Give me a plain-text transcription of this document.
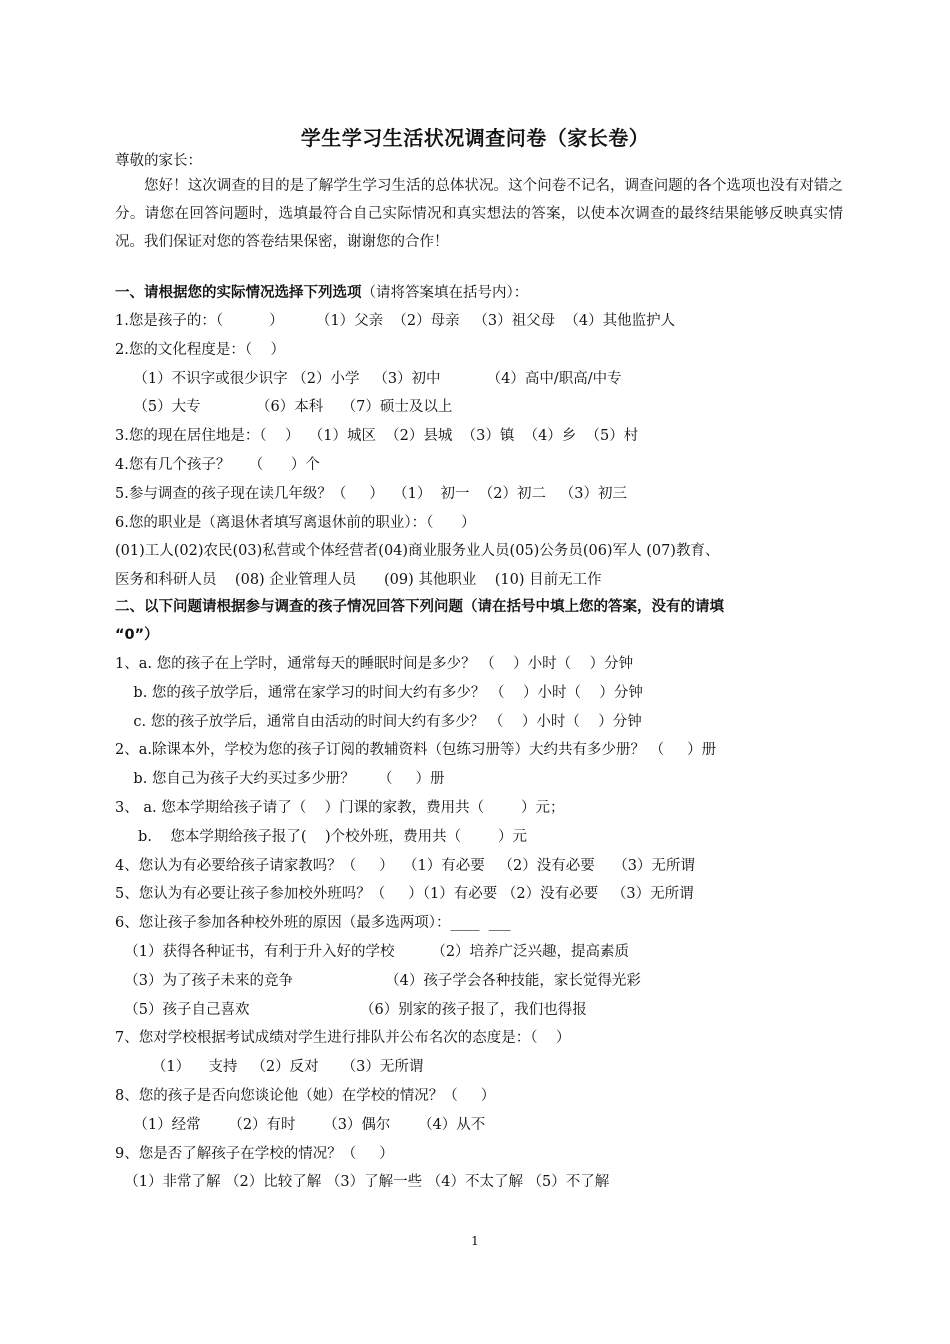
学生学习生活状况调查问卷（家长卷）
尊敬的家长：
您好！这次调查的目的是了解学生学习生活的总体状况。这个问卷不记名，调查问题的各个选项也没有对错之分。请您在回答问题时，选填最符合自己实际情况和真实想法的答案，以使本次调查的最终结果能够反映真实情况。我们保证对您的答卷结果保密，谢谢您的合作！
一、请根据您的实际情况选择下列选项（请将答案填在括号内）：
1.您是孩子的：（          ）       （1）父亲  （2）母亲   （3）祖父母  （4）其他监护人
2.您的文化程度是：（    ）
（1）不识字或很少识字 （2）小学   （3）初中          （4）高中/职高/中专
（5）大专            （6）本科    （7）硕士及以上
3.您的现在居住地是：（    ）  （1）城区  （2）县城  （3）镇  （4）乡  （5）村
4.您有几个孩子？    （      ）个
5.参与调查的孩子现在读几年级？（     ）  （1）  初一  （2）初二   （3）初三
6.您的职业是（离退休者填写离退休前的职业）：（      ）
(01)工人(02)农民(03)私营或个体经营者(04)商业服务业人员(05)公务员(06)军人 (07)教育、
医务和科研人员    (08) 企业管理人员      (09) 其他职业    (10) 目前无工作
二、以下问题请根据参与调查的孩子情况回答下列问题（请在括号中填上您的答案，没有的请填
“0”）
1、a. 您的孩子在上学时，通常每天的睡眠时间是多少？ （    ）小时（    ）分钟
b. 您的孩子放学后，通常在家学习的时间大约有多少？ （    ）小时（    ）分钟
c. 您的孩子放学后，通常自由活动的时间大约有多少？ （    ）小时（    ）分钟
2、a.除课本外，学校为您的孩子订阅的教辅资料（包练习册等）大约共有多少册？ （     ）册
b. 您自己为孩子大约买过多少册？     （     ）册
3、 a. 您本学期给孩子请了（    ）门课的家教，费用共（        ）元；
b.    您本学期给孩子报了(    )个校外班，费用共（        ）元
4、您认为有必要给孩子请家教吗？（     ）  （1）有必要   （2）没有必要    （3）无所谓
5、您认为有必要让孩子参加校外班吗？（     ）（1）有必要 （2）没有必要   （3）无所谓
6、您让孩子参加各种校外班的原因（最多选两项）：____  ___
（1）获得各种证书，有利于升入好的学校        （2）培养广泛兴趣，提高素质
（3）为了孩子未来的竞争                    （4）孩子学会各种技能，家长觉得光彩
（5）孩子自己喜欢                        （6）别家的孩子报了，我们也得报
7、您对学校根据考试成绩对学生进行排队并公布名次的态度是：（    ）
（1）    支持   （2）反对     （3）无所谓
8、您的孩子是否向您谈论他（她）在学校的情况？（     ）
（1）经常      （2）有时      （3）偶尔      （4）从不
9、您是否了解孩子在学校的情况？（     ）
（1）非常了解 （2）比较了解 （3）了解一些 （4）不太了解 （5）不了解
1
